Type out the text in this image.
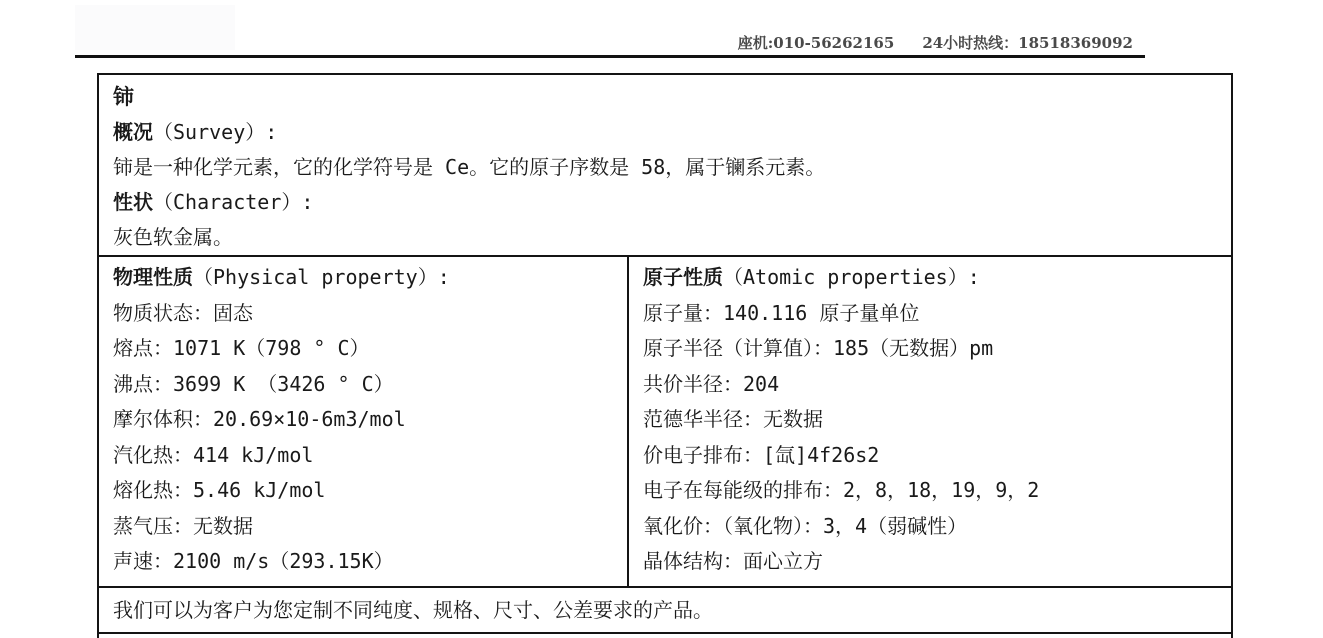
座机:010-56262165 24小时热线：18518369092
铈
概况（Survey）:
铈是一种化学元素，它的化学符号是 Ce。它的原子序数是 58，属于镧系元素。
性状（Character）:
灰色软金属。
物理性质（Physical property）:
物质状态：固态
熔点：1071 K（798 ° C）
沸点：3699 K （3426 ° C）
摩尔体积：20.69×10-6m3/mol
汽化热：414 kJ/mol
熔化热：5.46 kJ/mol
蒸气压：无数据
声速：2100 m/s（293.15K）
原子性质（Atomic properties）:
原子量：140.116 原子量单位
原子半径（计算值）：185（无数据）pm
共价半径：204
范德华半径：无数据
价电子排布：[氙]4f26s2
电子在每能级的排布：2，8，18，19，9，2
氧化价：（氧化物）：3，4（弱碱性）
晶体结构：面心立方
我们可以为客户为您定制不同纯度、规格、尺寸、公差要求的产品。
